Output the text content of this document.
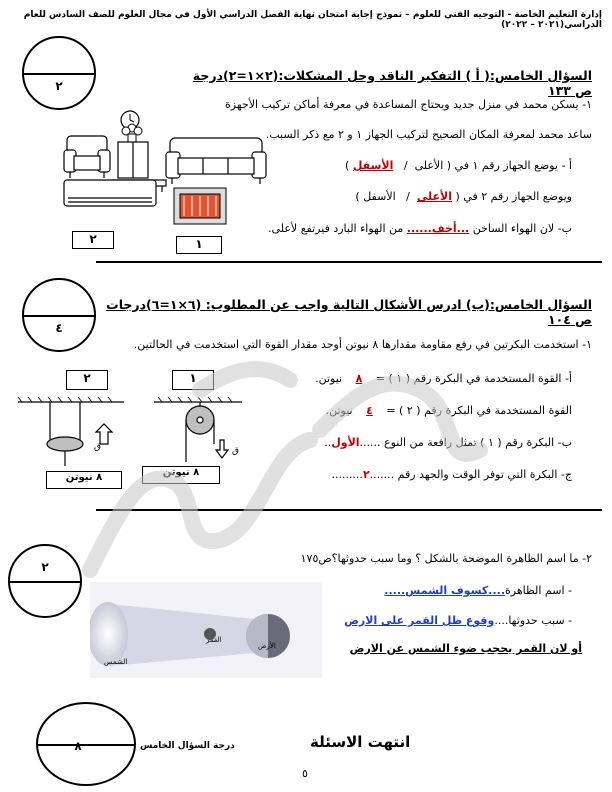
إدارة التعليم الخاصة - التوجيه الفني للعلوم – نموذج إجابة امتحان نهاية الفصل الدراسي الأول في مجال العلوم للصف السادس للعام الدراسي(٢٠٢١ – ٢٠٢٢)
٢
السؤال الخامس:( أ ) التفكير الناقد وحل المشكلات:(٢×١=٢)درجة ص ١٣٣
١- يسكن محمد في منزل جديد ويحتاج المساعدة في معرفة أماكن تركيب الأجهزة
ساعد محمد لمعرفة المكان الصحيح لتركيب الجهاز ١ و ٢ مع ذكر السبب.
أ - يوضع الجهاز رقم ١ في ( الأعلى  /   الأسفل )
ويوضع الجهاز رقم ٢ في ( الأعلى  /   الأسفل )
ب- لان الهواء الساخن ...أخف...... من الهواء البارد فيرتفع لأعلى.
٢	١
٤
السؤال الخامس:(ب) ادرس الأشكال التالية واجب عن المطلوب: (٦×١=٦)درجات ص ١٠٤
١- استخدمت البكرتين في رفع مقاومة مقدارها ٨ نيوتن أوجد مقدار القوة التي استخدمت في الحالتين.
أ- القوة المستخدمة في البكرة رقم ( ١ ) = ٨ نيوتن.
القوة المستخدمة في البكرة رقم ( ٢ ) = ٤ نيوتن.
ب- البكرة رقم ( ١ ) تمثل رافعة من النوع ......الأول..
ج- البكرة التي توفر الوقت والجهد رقم .......٢.........
٢	١
ق	ق
٨ نيوتن	٨ نيوتن
٢
٢- ما اسم الظاهرة الموضحة بالشكل ؟ وما سبب حدوثها؟ص١٧٥
- اسم الظاهرة....كسوف الشمس.....
- سبب حدوثها....وقوع ظل القمر على الارض
أو لان القمر يحجب ضوء الشمس عن الارض
الشمس
القمر
الأرض
٨	درجة السؤال الخامس	انتهت الاسئلة
٥
